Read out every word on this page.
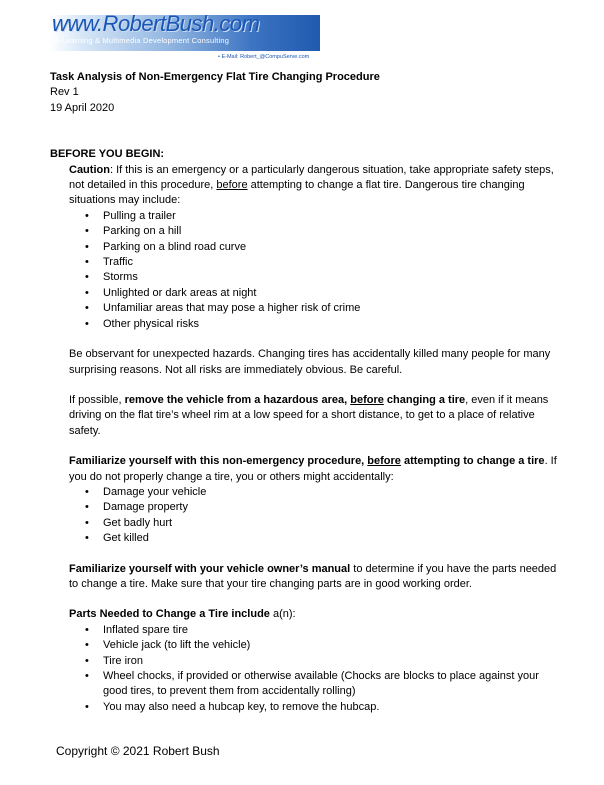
www.RobertBush.com
E-Learning & Multimedia Development Consulting
• E-Mail: Robert_@CompuServe.com
Task Analysis of Non-Emergency Flat Tire Changing Procedure
Rev 1
19 April 2020
BEFORE YOU BEGIN:
Caution: If this is an emergency or a particularly dangerous situation, take appropriate safety steps, not detailed in this procedure, before attempting to change a flat tire. Dangerous tire changing situations may include:
• Pulling a trailer
• Parking on a hill
• Parking on a blind road curve
• Traffic
• Storms
• Unlighted or dark areas at night
• Unfamiliar areas that may pose a higher risk of crime
• Other physical risks
Be observant for unexpected hazards. Changing tires has accidentally killed many people for many surprising reasons. Not all risks are immediately obvious. Be careful.
If possible, remove the vehicle from a hazardous area, before changing a tire, even if it means driving on the flat tire’s wheel rim at a low speed for a short distance, to get to a place of relative safety.
Familiarize yourself with this non-emergency procedure, before attempting to change a tire. If you do not properly change a tire, you or others might accidentally:
• Damage your vehicle
• Damage property
• Get badly hurt
• Get killed
Familiarize yourself with your vehicle owner’s manual to determine if you have the parts needed to change a tire. Make sure that your tire changing parts are in good working order.
Parts Needed to Change a Tire include a(n):
• Inflated spare tire
• Vehicle jack (to lift the vehicle)
• Tire iron
• Wheel chocks, if provided or otherwise available (Chocks are blocks to place against your good tires, to prevent them from accidentally rolling)
• You may also need a hubcap key, to remove the hubcap.
Copyright © 2021 Robert Bush
